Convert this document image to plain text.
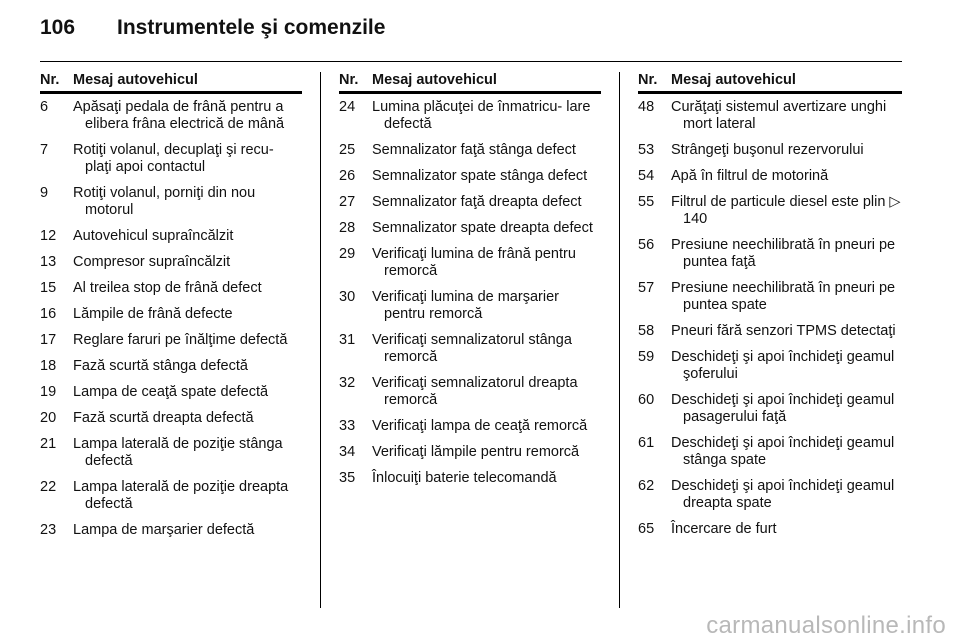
106 Instrumentele şi comenzile
Nr. Mesaj autovehicul
6	Apăsaţi pedala de frână pentru a elibera frâna electrică de mână
7	Rotiţi volanul, decuplaţi şi recu‐ plaţi apoi contactul
9	Rotiţi volanul, porniţi din nou motorul
12	Autovehicul supraîncălzit
13	Compresor supraîncălzit
15	Al treilea stop de frână defect
16	Lămpile de frână defecte
17	Reglare faruri pe înălţime defectă
18	Fază scurtă stânga defectă
19	Lampa de ceaţă spate defectă
20	Fază scurtă dreapta defectă
21	Lampa laterală de poziţie stânga defectă
22	Lampa laterală de poziţie dreapta defectă
23	Lampa de marşarier defectă
Nr. Mesaj autovehicul
24	Lumina plăcuţei de înmatricu‐ lare defectă
25	Semnalizator faţă stânga defect
26	Semnalizator spate stânga defect
27	Semnalizator faţă dreapta defect
28	Semnalizator spate dreapta defect
29	Verificaţi lumina de frână pentru remorcă
30	Verificaţi lumina de marşarier pentru remorcă
31	Verificaţi semnalizatorul stânga remorcă
32	Verificaţi semnalizatorul dreapta remorcă
33	Verificaţi lampa de ceaţă remorcă
34	Verificaţi lămpile pentru remorcă
35	Înlocuiţi baterie telecomandă
Nr. Mesaj autovehicul
48	Curăţaţi sistemul avertizare unghi mort lateral
53	Strângeţi buşonul rezervorului
54	Apă în filtrul de motorină
55	Filtrul de particule diesel este plin ▷ 140
56	Presiune neechilibrată în pneuri pe puntea faţă
57	Presiune neechilibrată în pneuri pe puntea spate
58	Pneuri fără senzori TPMS detectaţi
59	Deschideţi şi apoi închideţi geamul şoferului
60	Deschideţi şi apoi închideţi geamul pasagerului faţă
61	Deschideţi şi apoi închideţi geamul stânga spate
62	Deschideţi şi apoi închideţi geamul dreapta spate
65	Încercare de furt
carmanualsonline.info
